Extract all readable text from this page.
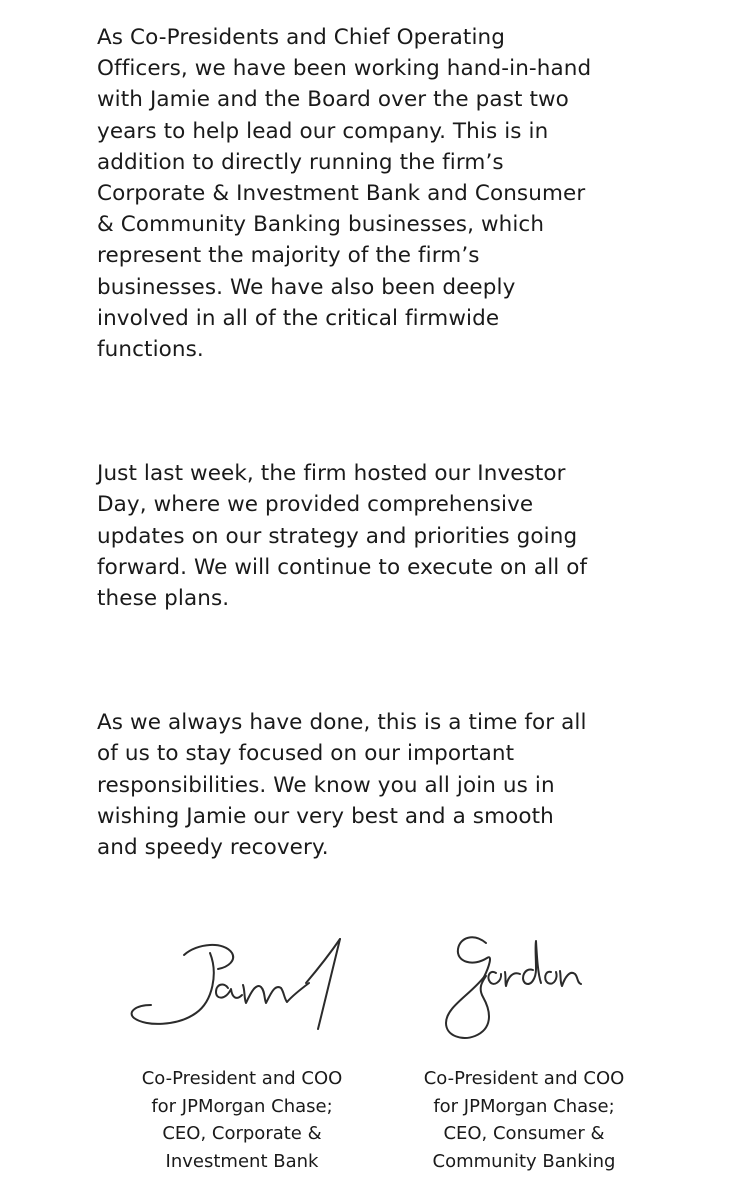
As Co-Presidents and Chief Operating
Officers, we have been working hand-in-hand
with Jamie and the Board over the past two
years to help lead our company. This is in
addition to directly running the firm’s
Corporate & Investment Bank and Consumer
& Community Banking businesses, which
represent the majority of the firm’s
businesses. We have also been deeply
involved in all of the critical firmwide
functions.

Just last week, the firm hosted our Investor
Day, where we provided comprehensive
updates on our strategy and priorities going
forward. We will continue to execute on all of
these plans.

As we always have done, this is a time for all
of us to stay focused on our important
responsibilities. We know you all join us in
wishing Jamie our very best and a smooth
and speedy recovery.

Co-President and COO
for JPMorgan Chase;
CEO, Corporate &
Investment Bank
Co-President and COO
for JPMorgan Chase;
CEO, Consumer &
Community Banking
